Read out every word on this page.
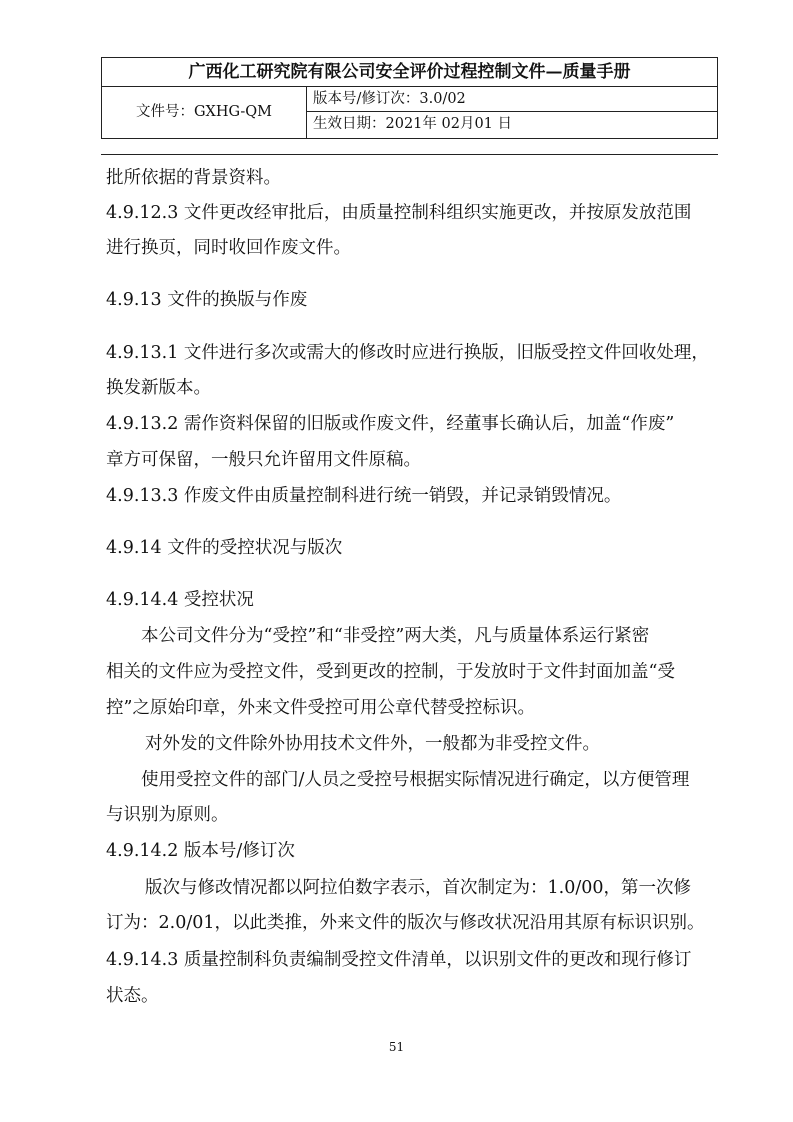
广西化工研究院有限公司安全评价过程控制文件—质量手册
文件号：GXHG-QM
版本号/修订次：3.0/02
生效日期：2021年 02月01 日
批所依据的背景资料。
4.9.12.3 文件更改经审批后，由质量控制科组织实施更改，并按原发放范围
进行换页，同时收回作废文件。
4.9.13 文件的换版与作废
4.9.13.1 文件进行多次或需大的修改时应进行换版，旧版受控文件回收处理，
换发新版本。
4.9.13.2 需作资料保留的旧版或作废文件，经董事长确认后，加盖“作废”
章方可保留，一般只允许留用文件原稿。
4.9.13.3 作废文件由质量控制科进行统一销毁，并记录销毁情况。
4.9.14 文件的受控状况与版次
4.9.14.4 受控状况
本公司文件分为“受控”和“非受控”两大类，凡与质量体系运行紧密
相关的文件应为受控文件，受到更改的控制，于发放时于文件封面加盖“受
控”之原始印章，外来文件受控可用公章代替受控标识。
对外发的文件除外协用技术文件外，一般都为非受控文件。
使用受控文件的部门/人员之受控号根据实际情况进行确定，以方便管理
与识别为原则。
4.9.14.2 版本号/修订次
版次与修改情况都以阿拉伯数字表示，首次制定为：1.0/00，第一次修
订为：2.0/01，以此类推，外来文件的版次与修改状况沿用其原有标识识别。
4.9.14.3 质量控制科负责编制受控文件清单，以识别文件的更改和现行修订
状态。
51
